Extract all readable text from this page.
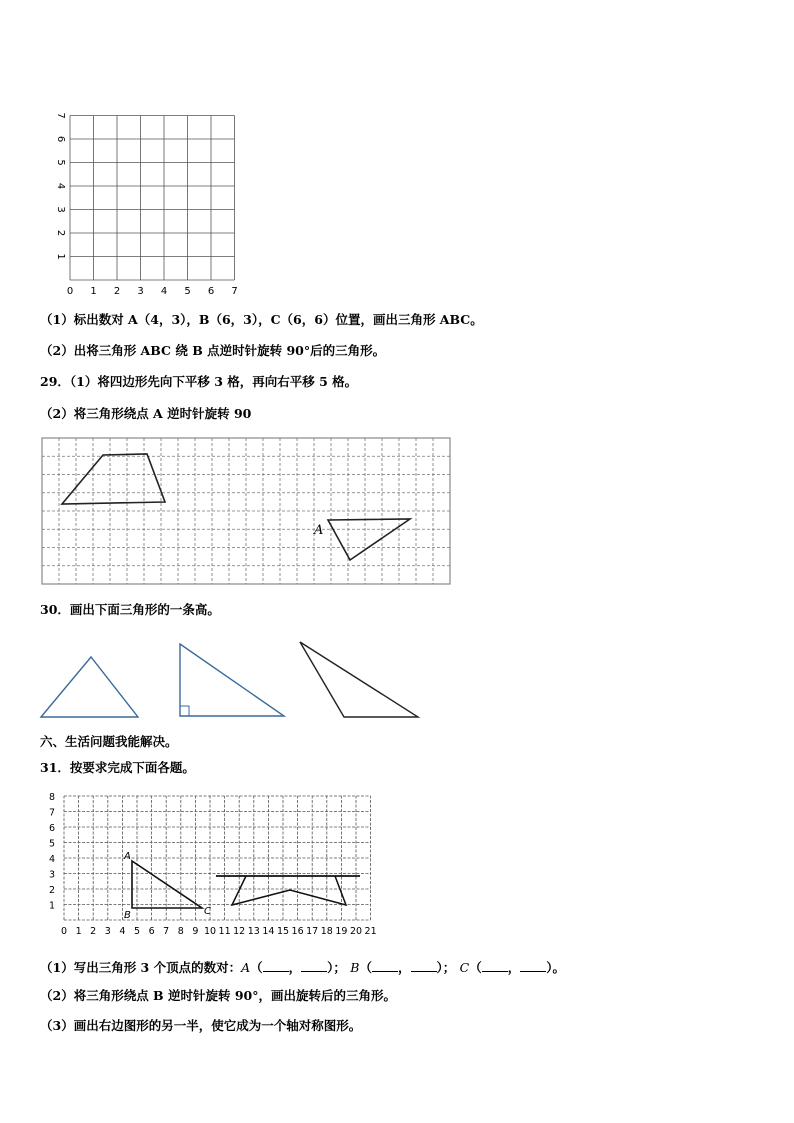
0 1 2 3 4 5 6 7
1
2
3
4
5
6
7
（1）标出数对 A（4，3），B（6，3），C（6，6）位置，画出三角形 ABC。
（2）出将三角形 ABC 绕 B 点逆时针旋转 90°后的三角形。
29．（1）将四边形先向下平移 3 格，再向右平移 5 格。
（2）将三角形绕点 A 逆时针旋转 90
A
30．画出下面三角形的一条高。
六、生活问题我能解决。
31．按要求完成下面各题。
0 1 2 3 4 5 6 7 8 9 10 11 12 13 14 15 16 17 18 19 20 21
1
2
3
4
5
6
7
8
A
B	C
（1）写出三角形 3 个顶点的数对：A（ ， ）； B（ ， ）； C（ ， ）。
（2）将三角形绕点 B 逆时针旋转 90°，画出旋转后的三角形。
（3）画出右边图形的另一半，使它成为一个轴对称图形。
